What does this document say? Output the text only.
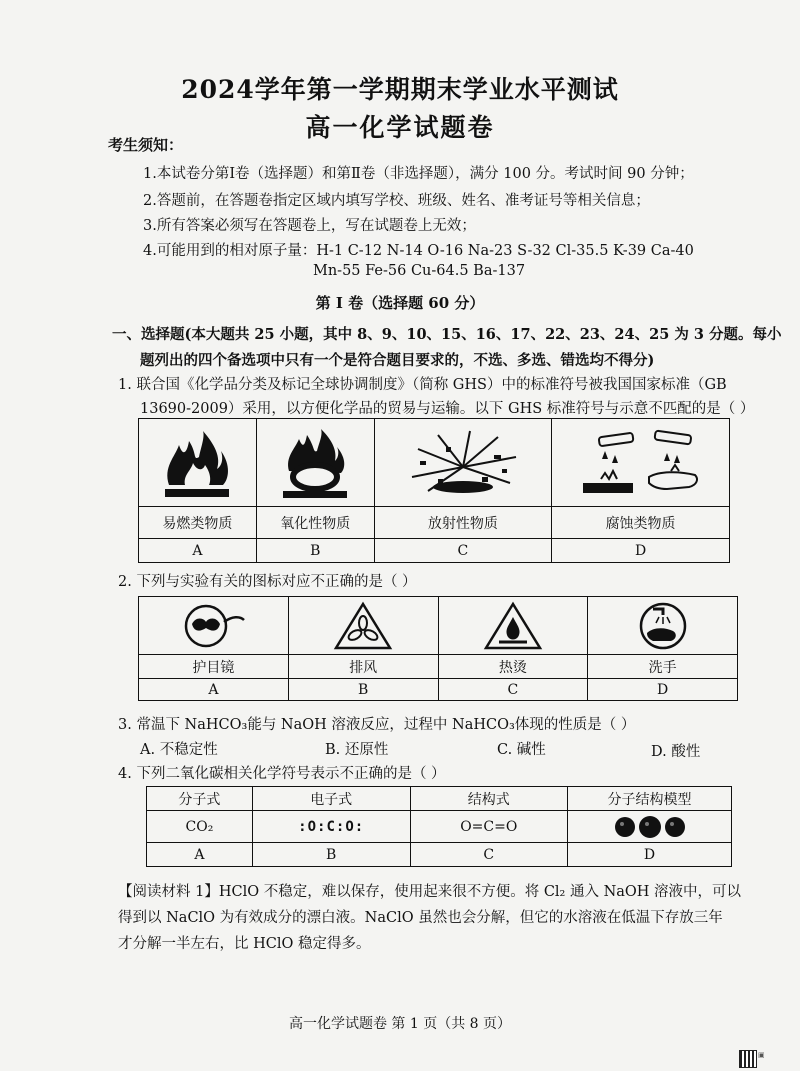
2024学年第一学期期末学业水平测试
高一化学试题卷
考生须知：
1.本试卷分第Ⅰ卷（选择题）和第Ⅱ卷（非选择题），满分 100 分。考试时间 90 分钟；
2.答题前，在答题卷指定区域内填写学校、班级、姓名、准考证号等相关信息；
3.所有答案必须写在答题卷上，写在试题卷上无效；
4.可能用到的相对原子量：H-1 C-12 N-14 O-16 Na-23 S-32 Cl-35.5 K-39 Ca-40
Mn-55 Fe-56 Cu-64.5 Ba-137
第 Ⅰ 卷（选择题 60 分）
一、选择题(本大题共 25 小题，其中 8、9、10、15、16、17、22、23、24、25 为 3 分题。每小
题列出的四个备选项中只有一个是符合题目要求的，不选、多选、错选均不得分)
1. 联合国《化学品分类及标记全球协调制度》（简称 GHS）中的标准符号被我国国家标准（GB
13690-2009）采用，以方便化学品的贸易与运输。以下 GHS 标准符号与示意不匹配的是（ ）

易燃类物质	氧化性物质	放射性物质	腐蚀类物质
A	B	C	D
2. 下列与实验有关的图标对应不正确的是（ ）

护目镜	排风	热烫	洗手
A	B	C	D
3. 常温下 NaHCO₃能与 NaOH 溶液反应，过程中 NaHCO₃体现的性质是（ ）
A. 不稳定性	B. 还原性	C. 碱性	D. 酸性
4. 下列二氧化碳相关化学符号表示不正确的是（ ）
分子式	电子式	结构式	分子结构模型
CO₂	:O:C:O:	O=C=O	

A	B	C	D
【阅读材料 1】HClO 不稳定，难以保存，使用起来很不方便。将 Cl₂ 通入 NaOH 溶液中，可以
得到以 NaClO 为有效成分的漂白液。NaClO 虽然也会分解，但它的水溶液在低温下存放三年
才分解一半左右，比 HClO 稳定得多。
高一化学试题卷 第 1 页（共 8 页）
▣
